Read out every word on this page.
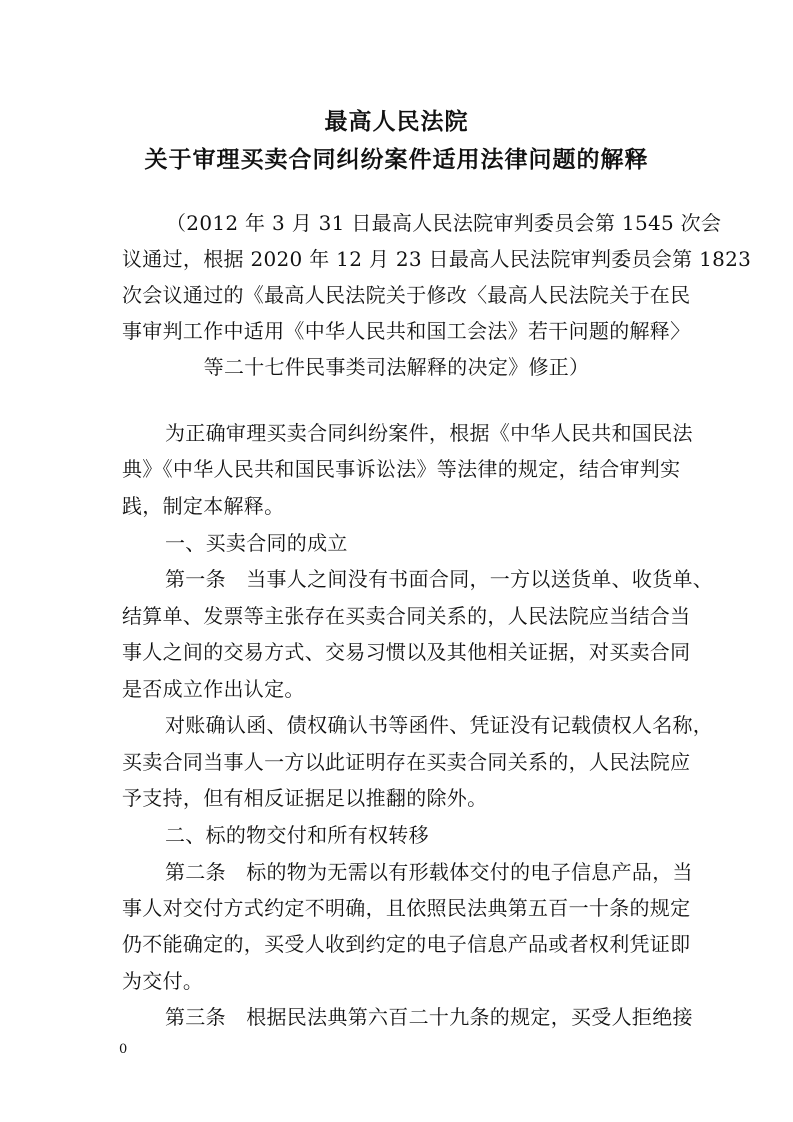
最高人民法院
关于审理买卖合同纠纷案件适用法律问题的解释
（2012 年 3 月 31 日最高人民法院审判委员会第 1545 次会
议通过，根据 2020 年 12 月 23 日最高人民法院审判委员会第 1823
次会议通过的《最高人民法院关于修改〈最高人民法院关于在民
事审判工作中适用《中华人民共和国工会法》若干问题的解释〉
等二十七件民事类司法解释的决定》修正）
为正确审理买卖合同纠纷案件，根据《中华人民共和国民法
典》《中华人民共和国民事诉讼法》等法律的规定，结合审判实
践，制定本解释。
一、买卖合同的成立
第一条　当事人之间没有书面合同，一方以送货单、收货单、
结算单、发票等主张存在买卖合同关系的，人民法院应当结合当
事人之间的交易方式、交易习惯以及其他相关证据，对买卖合同
是否成立作出认定。
对账确认函、债权确认书等函件、凭证没有记载债权人名称，
买卖合同当事人一方以此证明存在买卖合同关系的，人民法院应
予支持，但有相反证据足以推翻的除外。
二、标的物交付和所有权转移
第二条　标的物为无需以有形载体交付的电子信息产品，当
事人对交付方式约定不明确，且依照民法典第五百一十条的规定
仍不能确定的，买受人收到约定的电子信息产品或者权利凭证即
为交付。
第三条　根据民法典第六百二十九条的规定，买受人拒绝接
0
